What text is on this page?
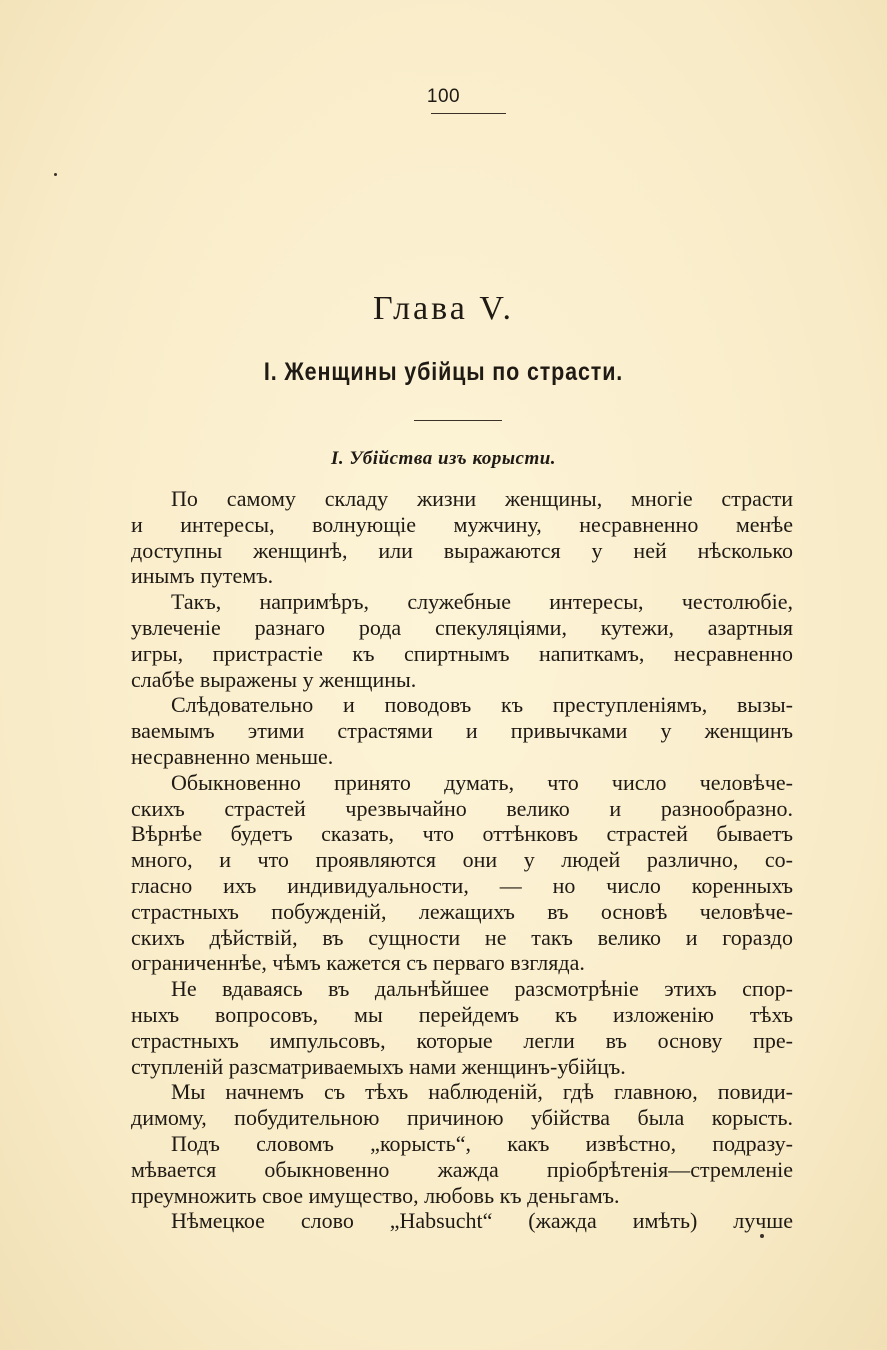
100
Глава V.
I. Женщины убійцы по страсти.
I. Убійства изъ корысти.
По самому складу жизни женщины, многіе страсти
и интересы, волнующіе мужчину, несравненно менѣе
доступны женщинѣ, или выражаются у ней нѣсколько
инымъ путемъ.
Такъ, напримѣръ, служебные интересы, честолюбіе,
увлеченіе разнаго рода спекуляціями, кутежи, азартныя
игры, пристрастіе къ спиртнымъ напиткамъ, несравненно
слабѣе выражены у женщины.
Слѣдовательно и поводовъ къ преступленіямъ, вызы-
ваемымъ этими страстями и привычками у женщинъ
несравненно меньше.
Обыкновенно принято думать, что число человѣче-
скихъ страстей чрезвычайно велико и разнообразно.
Вѣрнѣе будетъ сказать, что оттѣнковъ страстей бываетъ
много, и что проявляются они у людей различно, со-
гласно ихъ индивидуальности, — но число коренныхъ
страстныхъ побужденій, лежащихъ въ основѣ человѣче-
скихъ дѣйствій, въ сущности не такъ велико и гораздо
ограниченнѣе, чѣмъ кажется съ перваго взгляда.
Не вдаваясь въ дальнѣйшее разсмотрѣніе этихъ спор-
ныхъ вопросовъ, мы перейдемъ къ изложенію тѣхъ
страстныхъ импульсовъ, которые легли въ основу пре-
ступленій разсматриваемыхъ нами женщинъ-убійцъ.
Мы начнемъ съ тѣхъ наблюденій, гдѣ главною, повиди-
димому, побудительною причиною убійства была корысть.
Подъ словомъ „корысть“, какъ извѣстно, подразу-
мѣвается обыкновенно жажда пріобрѣтенія—стремленіе
преумножить свое имущество, любовь къ деньгамъ.
Нѣмецкое слово „Habsucht“ (жажда имѣть) лучше
